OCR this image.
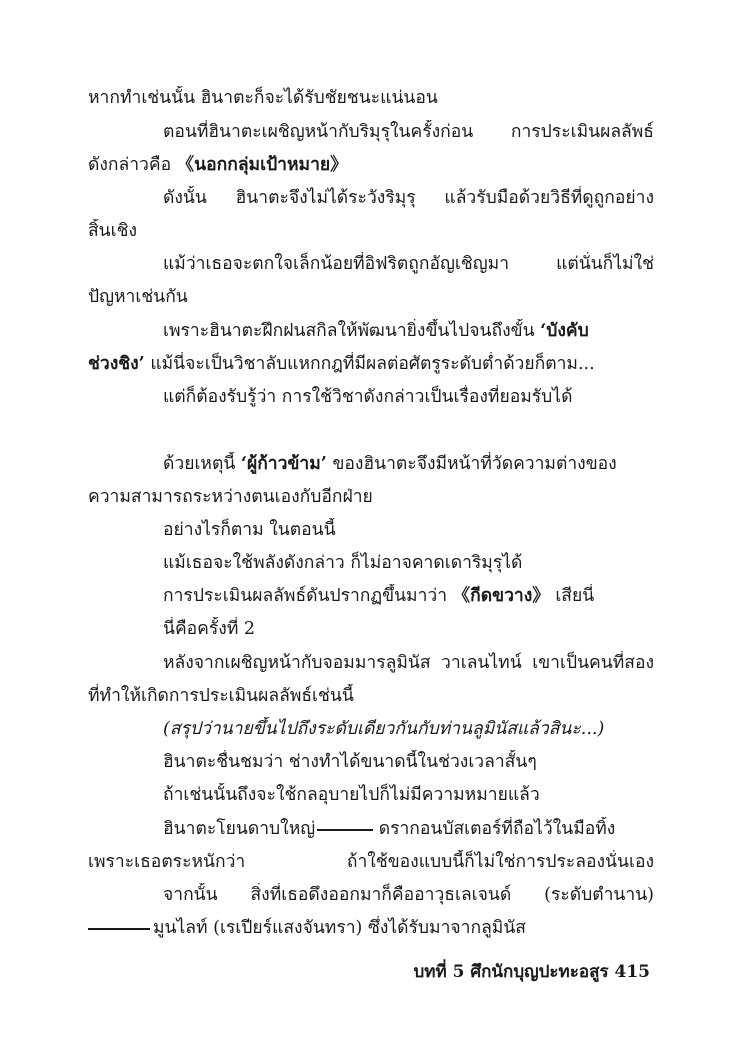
หากทำเช่นนั้น ฮินาตะก็จะได้รับชัยชนะแน่นอน
ตอนที่ฮินาตะเผชิญหน้ากับริมุรุในครั้งก่อน การประเมินผลลัพธ์
ดังกล่าวคือ 《นอกกลุ่มเป้าหมาย》
ดังนั้น ฮินาตะจึงไม่ได้ระวังริมุรุ แล้วรับมือด้วยวิธีที่ดูถูกอย่าง
สิ้นเชิง
แม้ว่าเธอจะตกใจเล็กน้อยที่อิฟริตถูกอัญเชิญมา แต่นั่นก็ไม่ใช่
ปัญหาเช่นกัน
เพราะฮินาตะฝึกฝนสกิลให้พัฒนายิ่งขึ้นไปจนถึงขั้น ‘บังคับ
ช่วงชิง’ แม้นี่จะเป็นวิชาลับแหกกฎที่มีผลต่อศัตรูระดับต่ำด้วยก็ตาม...
แต่ก็ต้องรับรู้ว่า การใช้วิชาดังกล่าวเป็นเรื่องที่ยอมรับได้
ด้วยเหตุนี้ ‘ผู้ก้าวข้าม’ ของฮินาตะจึงมีหน้าที่วัดความต่างของ
ความสามารถระหว่างตนเองกับอีกฝ่าย
อย่างไรก็ตาม ในตอนนี้
แม้เธอจะใช้พลังดังกล่าว ก็ไม่อาจคาดเดาริมุรุได้
การประเมินผลลัพธ์ดันปรากฏขึ้นมาว่า 《กีดขวาง》 เสียนี่
นี่คือครั้งที่ 2
หลังจากเผชิญหน้ากับจอมมารลูมินัส วาเลนไทน์ เขาเป็นคนที่สอง
ที่ทำให้เกิดการประเมินผลลัพธ์เช่นนี้
(สรุปว่านายขึ้นไปถึงระดับเดียวกันกับท่านลูมินัสแล้วสินะ...)
ฮินาตะชื่นชมว่า ช่างทำได้ขนาดนี้ในช่วงเวลาสั้นๆ
ถ้าเช่นนั้นถึงจะใช้กลอุบายไปก็ไม่มีความหมายแล้ว
ฮินาตะโยนดาบใหญ่	ดรากอนบัสเตอร์ที่ถือไว้ในมือทิ้ง
เพราะเธอตระหนักว่า ถ้าใช้ของแบบนี้ก็ไม่ใช่การประลองนั่นเอง
จากนั้น สิ่งที่เธอดึงออกมาก็คืออาวุธเลเจนด์ (ระดับตำนาน)
มูนไลท์ (เรเปียร์แสงจันทรา) ซึ่งได้รับมาจากลูมินัส
บทที่ 5 ศึกนักบุญปะทะอสูร 415
